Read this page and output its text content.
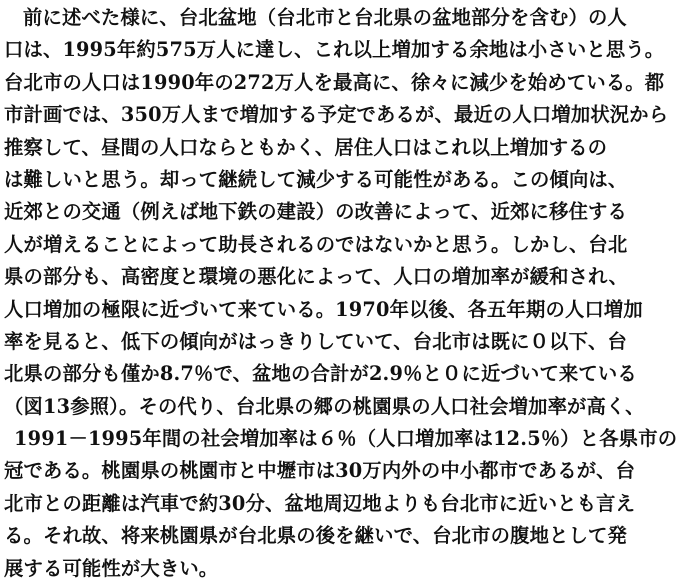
前に述べた様に、台北盆地（台北市と台北県の盆地部分を含む）の人
口は、1995年約575万人に達し、これ以上増加する余地は小さいと思う。
台北市の人口は1990年の272万人を最高に、徐々に減少を始めている。都
市計画では、350万人まで増加する予定であるが、最近の人口増加状況から
推察して、昼間の人口ならともかく、居住人口はこれ以上増加するの
は難しいと思う。却って継続して減少する可能性がある。この傾向は、
近郊との交通（例えば地下鉄の建設）の改善によって、近郊に移住する
人が増えることによって助長されるのではないかと思う。しかし、台北
県の部分も、高密度と環境の悪化によって、人口の増加率が緩和され、
人口増加の極限に近づいて来ている。1970年以後、各五年期の人口増加
率を見ると、低下の傾向がはっきりしていて、台北市は既に０以下、台
北県の部分も僅か8.7％で、盆地の合計が2.9％と０に近づいて来ている
（図13参照）。その代り、台北県の郷の桃園県の人口社会増加率が高く、
1991－1995年間の社会増加率は６％（人口増加率は12.5％）と各県市の
冠である。桃園県の桃園市と中壢市は30万内外の中小都市であるが、台
北市との距離は汽車で約30分、盆地周辺地よりも台北市に近いとも言え
る。それ故、将来桃園県が台北県の後を継いで、台北市の腹地として発
展する可能性が大きい。
